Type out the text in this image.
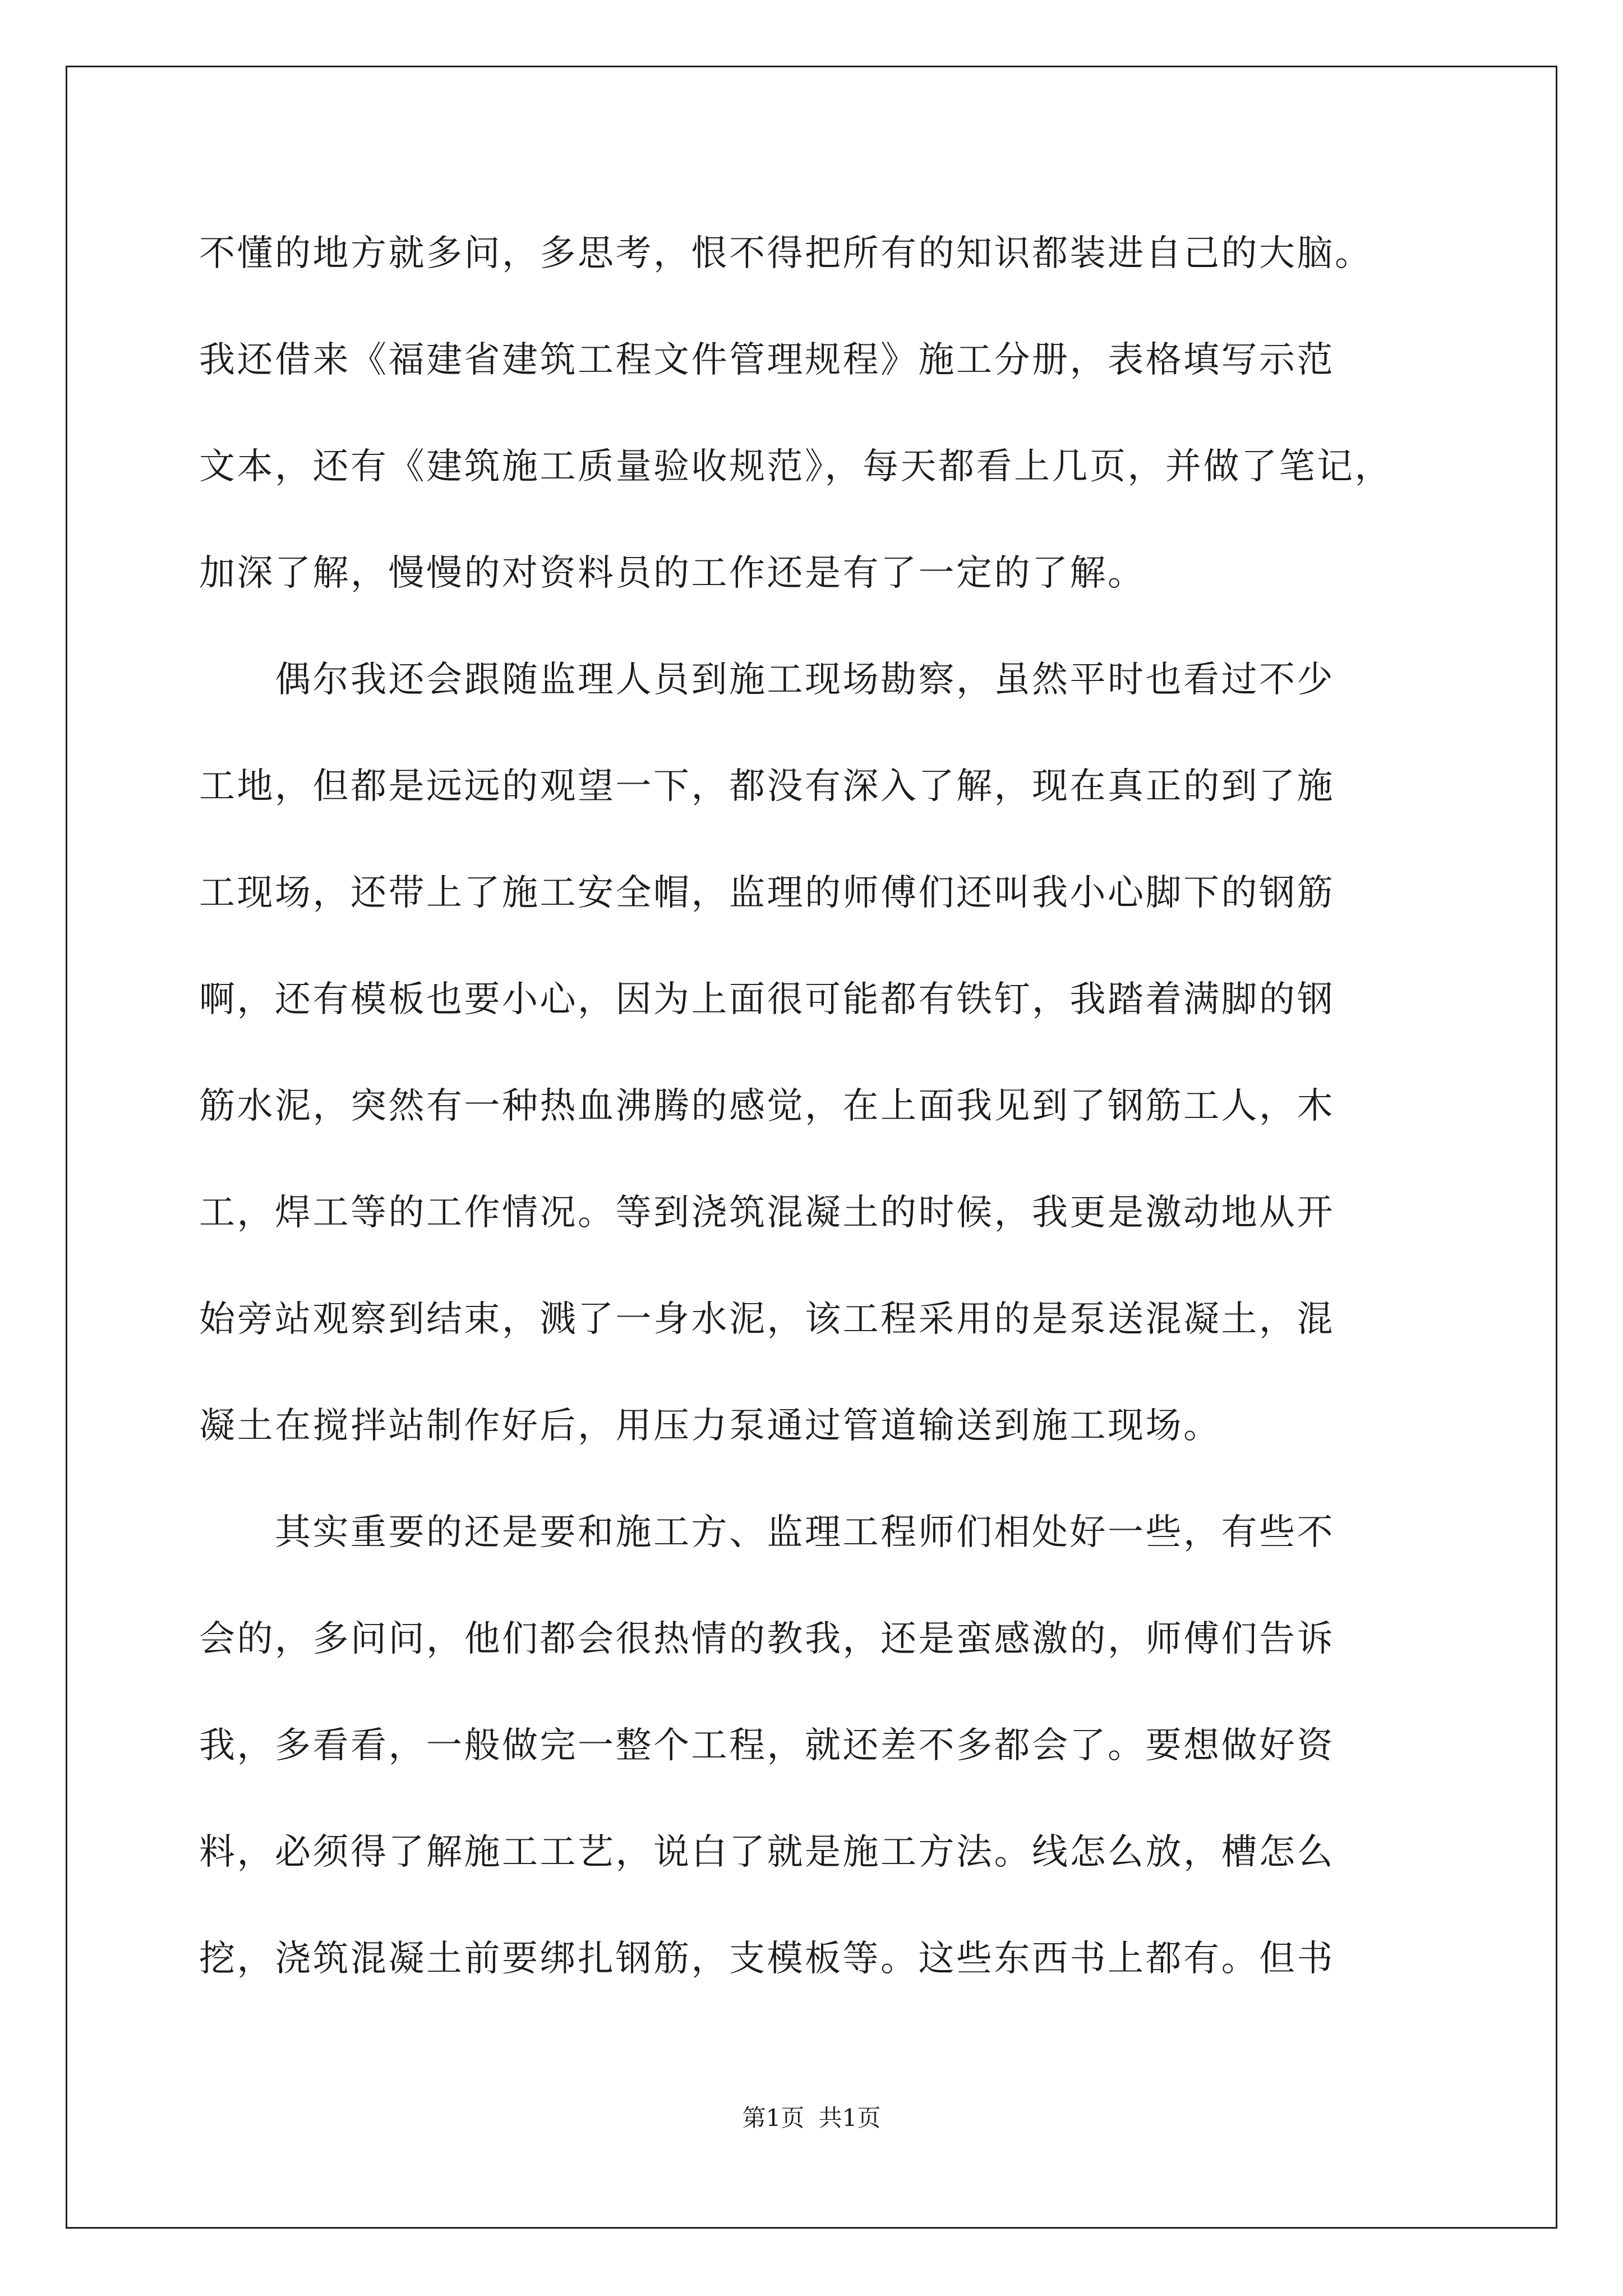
不懂的地方就多问，多思考，恨不得把所有的知识都装进自己的大脑。
我还借来《福建省建筑工程文件管理规程》施工分册，表格填写示范
文本，还有《建筑施工质量验收规范》，每天都看上几页，并做了笔记，
加深了解，慢慢的对资料员的工作还是有了一定的了解。
　　偶尔我还会跟随监理人员到施工现场勘察，虽然平时也看过不少
工地，但都是远远的观望一下，都没有深入了解，现在真正的到了施
工现场，还带上了施工安全帽，监理的师傅们还叫我小心脚下的钢筋
啊，还有模板也要小心，因为上面很可能都有铁钉，我踏着满脚的钢
筋水泥，突然有一种热血沸腾的感觉，在上面我见到了钢筋工人，木
工，焊工等的工作情况。等到浇筑混凝土的时候，我更是激动地从开
始旁站观察到结束，溅了一身水泥，该工程采用的是泵送混凝土，混
凝土在搅拌站制作好后，用压力泵通过管道输送到施工现场。
　　其实重要的还是要和施工方、监理工程师们相处好一些，有些不
会的，多问问，他们都会很热情的教我，还是蛮感激的，师傅们告诉
我，多看看，一般做完一整个工程，就还差不多都会了。要想做好资
料，必须得了解施工工艺，说白了就是施工方法。线怎么放，槽怎么
挖，浇筑混凝土前要绑扎钢筋，支模板等。这些东西书上都有。但书
第1页 共1页
